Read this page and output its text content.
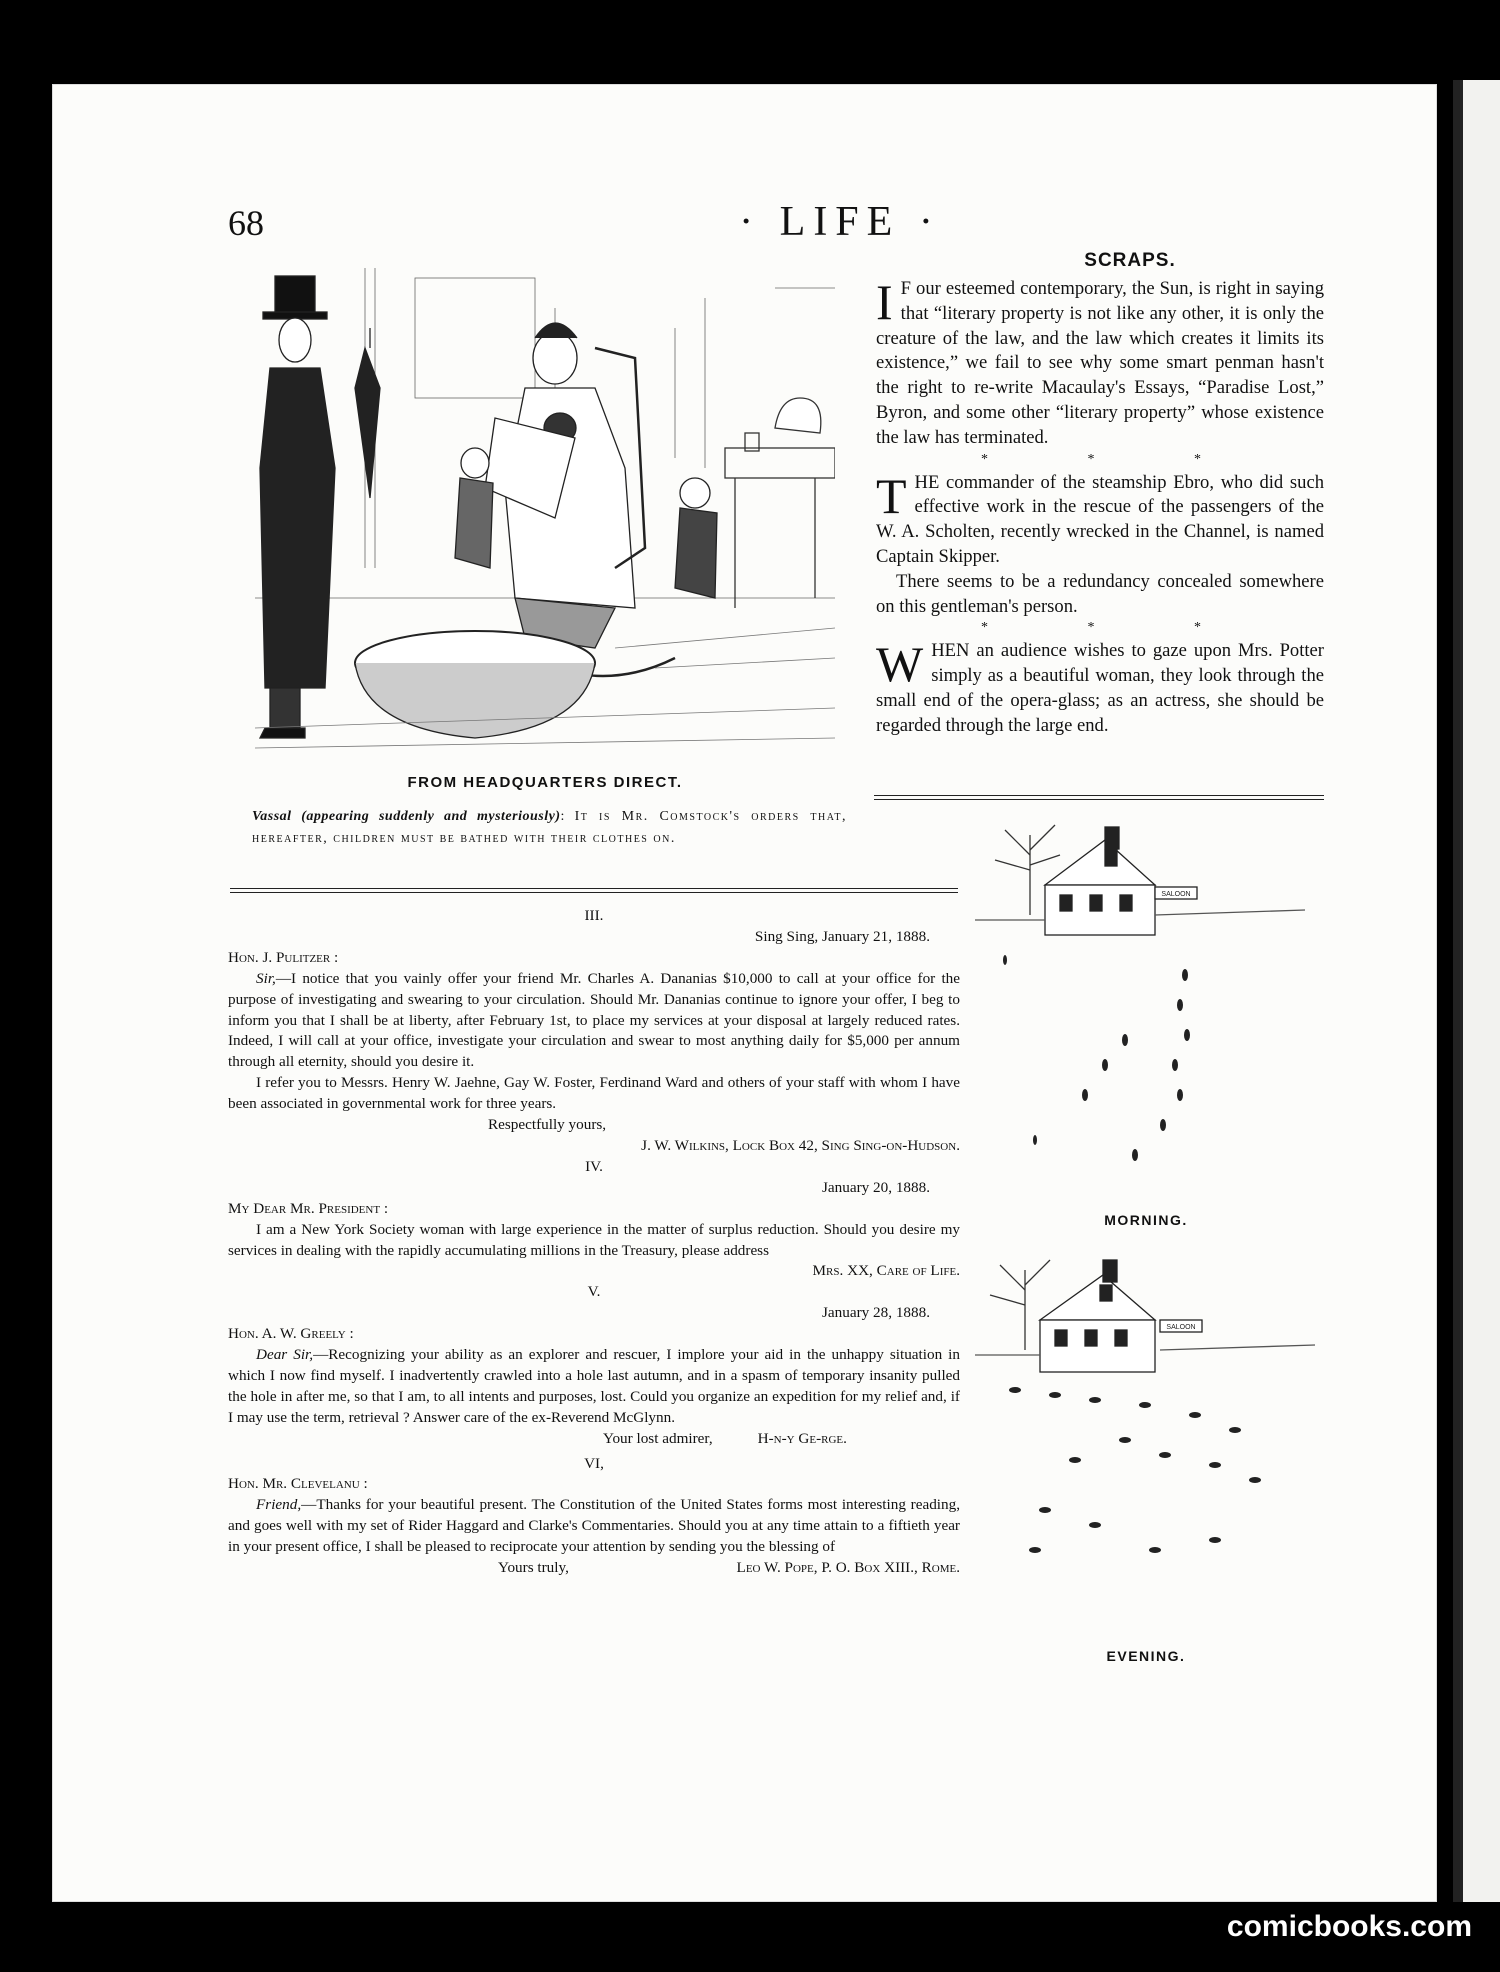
68	· LIFE ·
FROM HEADQUARTERS DIRECT.
Vassal (appearing suddenly and mysteriously): It is Mr. Comstock's orders that, hereafter, children must be bathed with their clothes on.
SCRAPS.

I F our esteemed contemporary, the Sun, is right in saying that “literary property is not like any other, it is only the creature of the law, and the law which creates it limits its existence,” we fail to see why some smart penman hasn't the right to re-write Macaulay's Essays, “Paradise Lost,” Byron, and some other “literary property” whose existence the law has terminated.

* * *

THE commander of the steamship Ebro, who did such effective work in the rescue of the passengers of the W. A. Scholten, recently wrecked in the Channel, is named Captain Skipper.

There seems to be a redundancy concealed somewhere on this gentleman's person.

* * *

WHEN an audience wishes to gaze upon Mrs. Potter simply as a beautiful woman, they look through the small end of the opera-glass; as an actress, she should be regarded through the large end.

III.
Sing Sing, January 21, 1888.
Hon. J. Pulitzer :

Sir,—I notice that you vainly offer your friend Mr. Charles A. Dananias $10,000 to call at your office for the purpose of investigating and swearing to your circulation. Should Mr. Dananias continue to ignore your offer, I beg to inform you that I shall be at liberty, after February 1st, to place my services at your disposal at largely reduced rates. Indeed, I will call at your office, investigate your circulation and swear to most anything daily for $5,000 per annum through all eternity, should you desire it.

I refer you to Messrs. Henry W. Jaehne, Gay W. Foster, Ferdinand Ward and others of your staff with whom I have been associated in governmental work for three years.

Respectfully yours,
J. W. Wilkins, Lock Box 42, Sing Sing-on-Hudson.
IV.
January 20, 1888.
My Dear Mr. President :

I am a New York Society woman with large experience in the matter of surplus reduction. Should you desire my services in dealing with the rapidly accumulating millions in the Treasury, please address

Mrs. XX, Care of Life.
V.
January 28, 1888.
Hon. A. W. Greely :

Dear Sir,—Recognizing your ability as an explorer and rescuer, I implore your aid in the unhappy situation in which I now find myself. I inadvertently crawled into a hole last autumn, and in a spasm of temporary insanity pulled the hole in after me, so that I am, to all intents and purposes, lost. Could you organize an expedition for my relief and, if I may use the term, retrieval ? Answer care of the ex-Reverend McGlynn.

Your lost admirer,	H-n-y Ge-rge.
VI,
Hon. Mr. Clevelanu :

Friend,—Thanks for your beautiful present. The Constitution of the United States forms most interesting reading, and goes well with my set of Rider Haggard and Clarke's Commentaries. Should you at any time attain to a fiftieth year in your present office, I shall be pleased to reciprocate your attention by sending you the blessing of

Yours truly,	Leo W. Pope, P. O. Box XIII., Rome.
SALOON
MORNING.
SALOON
EVENING.
comicbooks.com
